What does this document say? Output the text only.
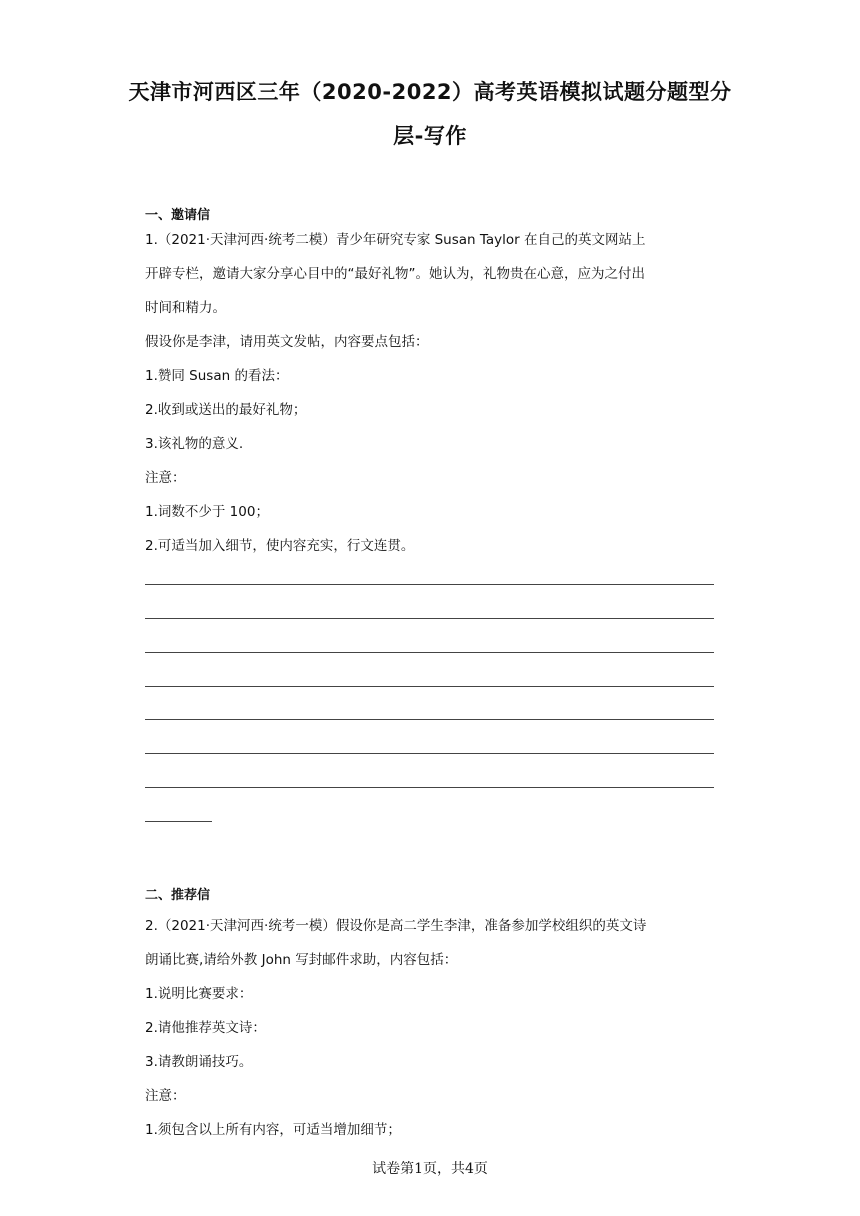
天津市河西区三年（2020-2022）高考英语模拟试题分题型分
层-写作

一、邀请信

1.（2021·天津河西·统考二模）青少年研究专家 Susan Taylor 在自己的英文网站上

开辟专栏，邀请大家分享心目中的“最好礼物”。她认为，礼物贵在心意，应为之付出

时间和精力。

假设你是李津，请用英文发帖，内容要点包括：

1.赞同 Susan 的看法：

2.收到或送出的最好礼物；

3.该礼物的意义.

注意：

1.词数不少于 100；

2.可适当加入细节，使内容充实，行文连贯。

二、推荐信

2.（2021·天津河西·统考一模）假设你是高二学生李津，准备参加学校组织的英文诗

朗诵比赛,请给外教 John 写封邮件求助，内容包括：

1.说明比赛要求：

2.请他推荐英文诗：

3.请教朗诵技巧。

注意：

1.须包含以上所有内容，可适当增加细节；

试卷第1页，共4页
